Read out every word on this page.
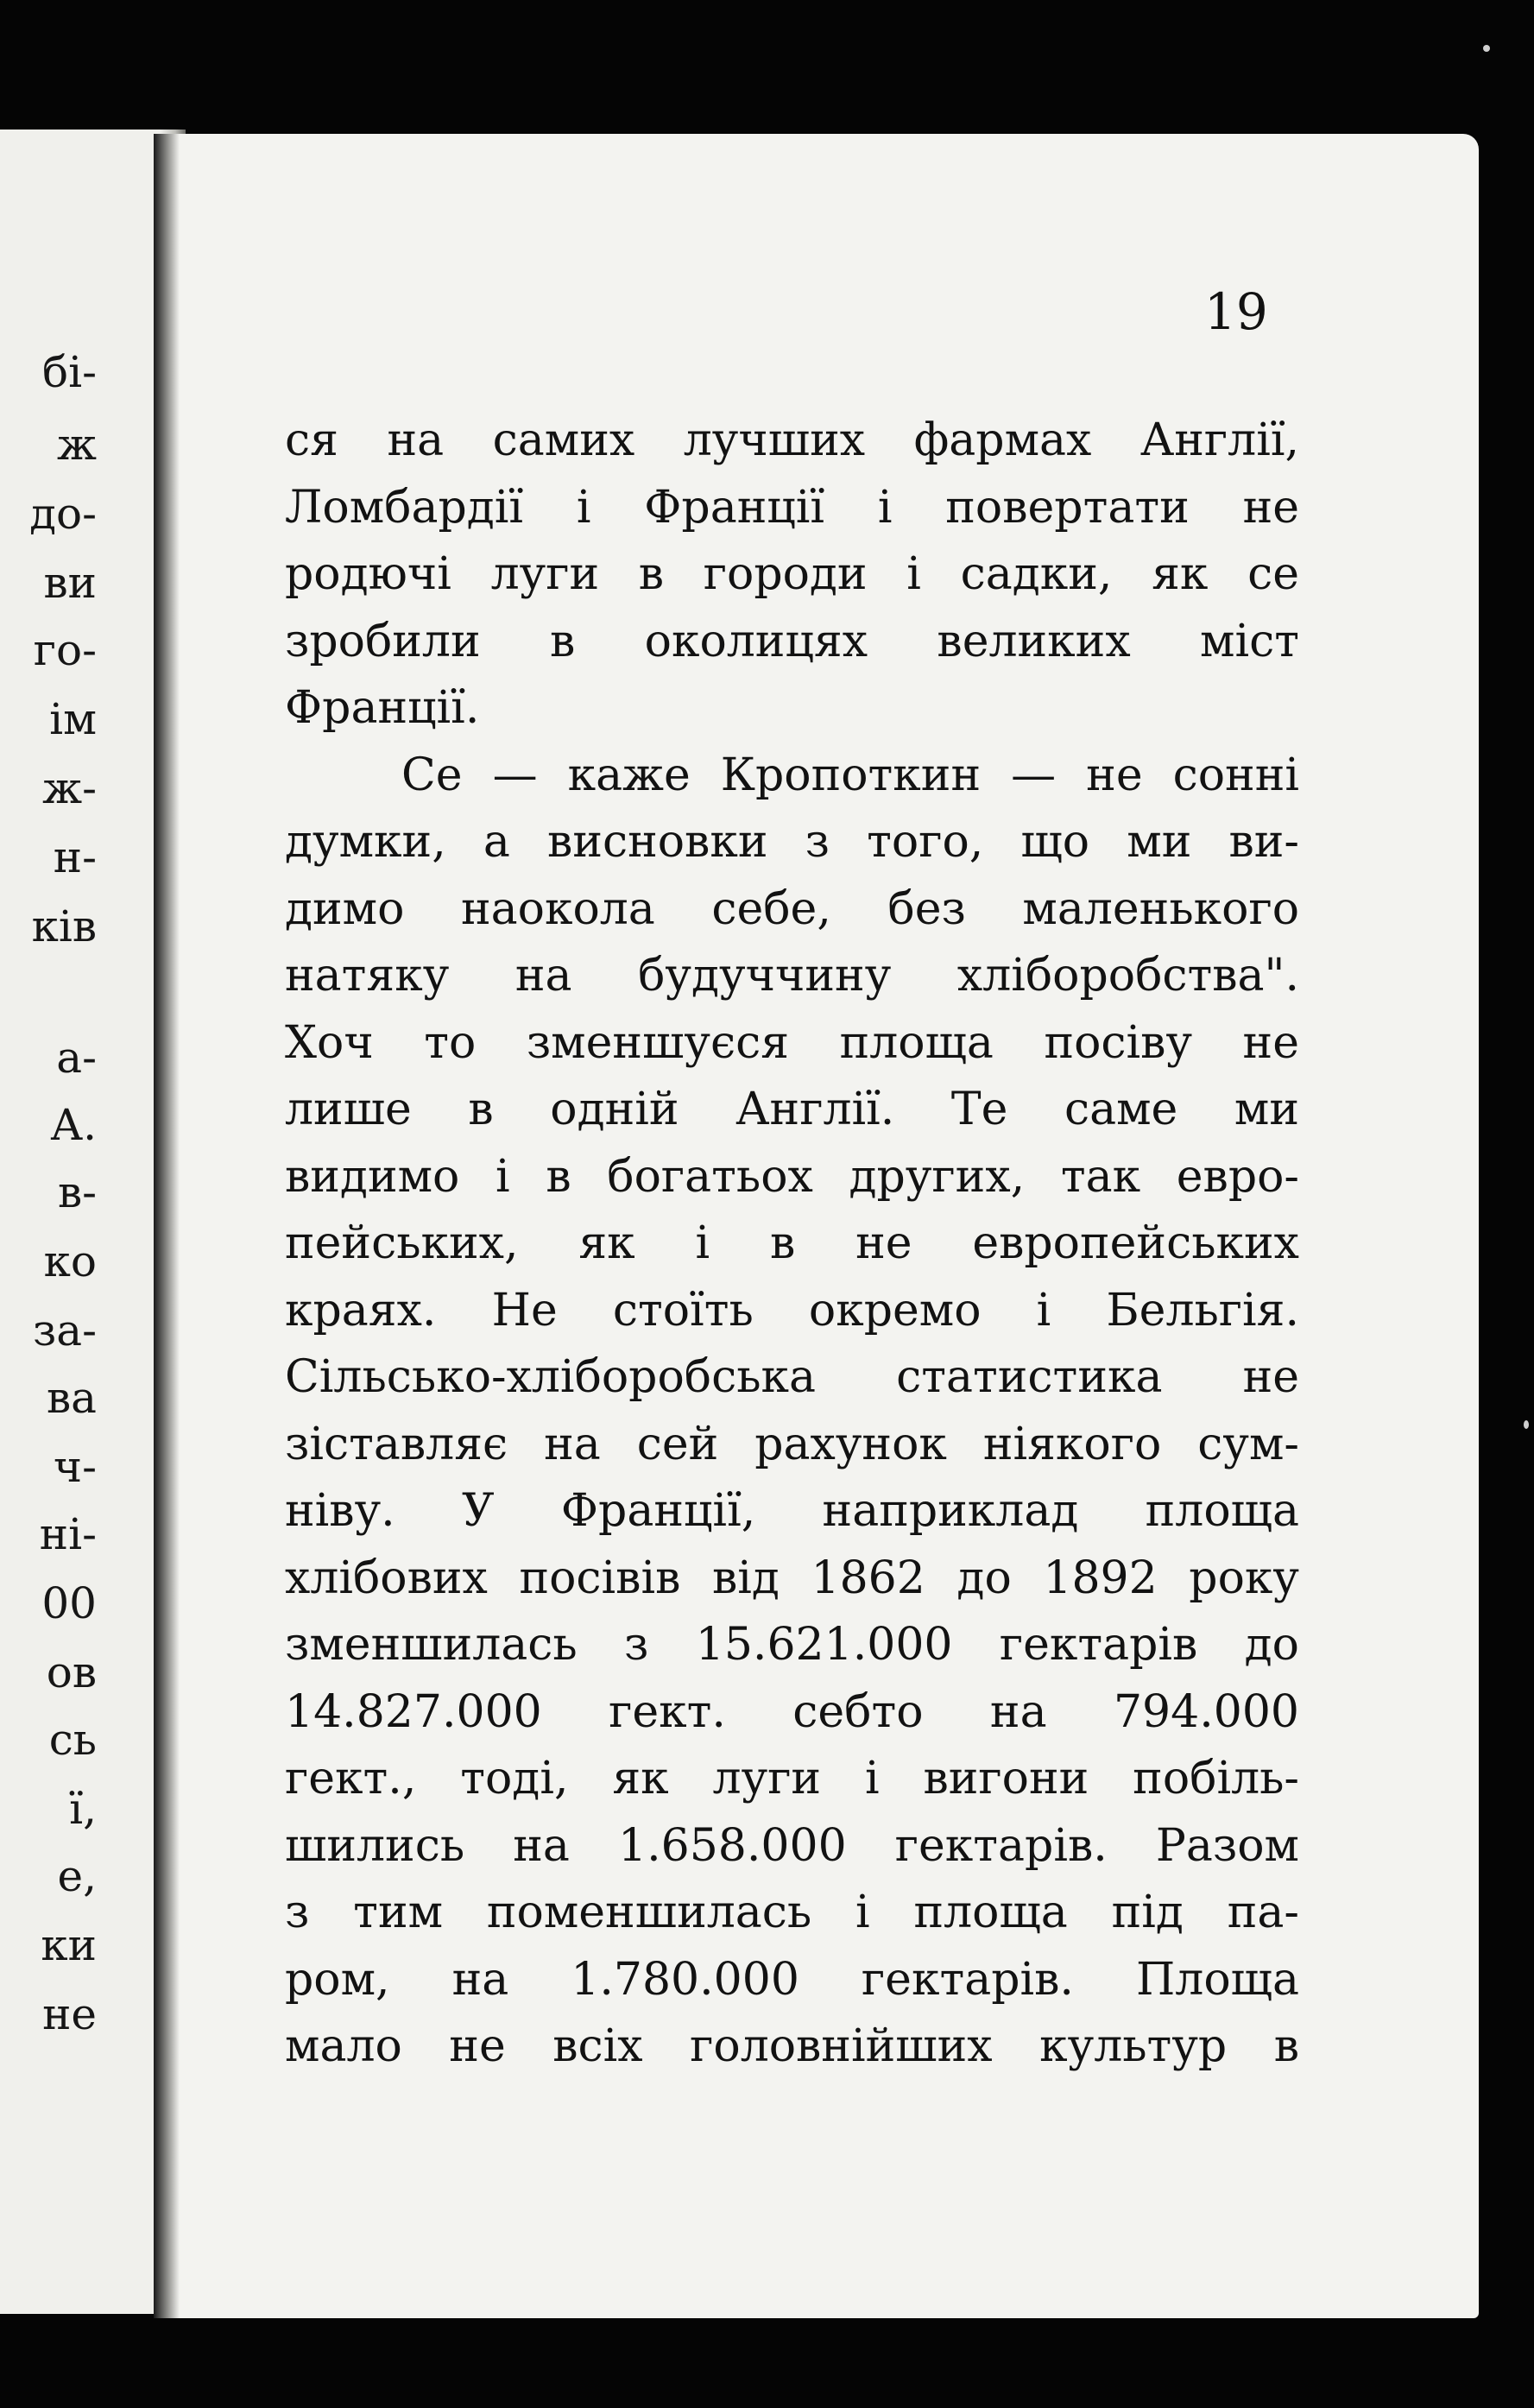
бі-
ж
до-
ви
го-
ім
ж-
н-
ків
а-
А.
в-
ко
за-
ва
ч-
ні-
00
ов
сь
ї,
е,
ки
не
19
ся на самих лучших фармах Англії,
Ломбардії і Франції і повертати не
родючі луги в городи і садки, як се
зробили в околицях великих міст
Франції.
Се — каже Кропоткин — не сонні
думки, а висновки з того, що ми ви-
димо наокола себе, без маленького
натяку на будуччину хліборобства".
Хоч то зменшуєся площа посіву не
лише в одній Англії. Те саме ми
видимо і в богатьох других, так евро-
пейських, як і в не европейських
краях. Не стоїть окремо і Бельгія.
Сільсько-хліборобська статистика не
зіставляє на сей рахунок ніякого сум-
ніву. У Франції, наприклад площа
хлібових посівів від 1862 до 1892 року
зменшилась з 15.621.000 гектарів до
14.827.000 гект. себто на 794.000
гект., тоді, як луги і вигони побіль-
шились на 1.658.000 гектарів. Разом
з тим поменшилась і площа під па-
ром, на 1.780.000 гектарів. Площа
мало не всіх головнійших культур в
